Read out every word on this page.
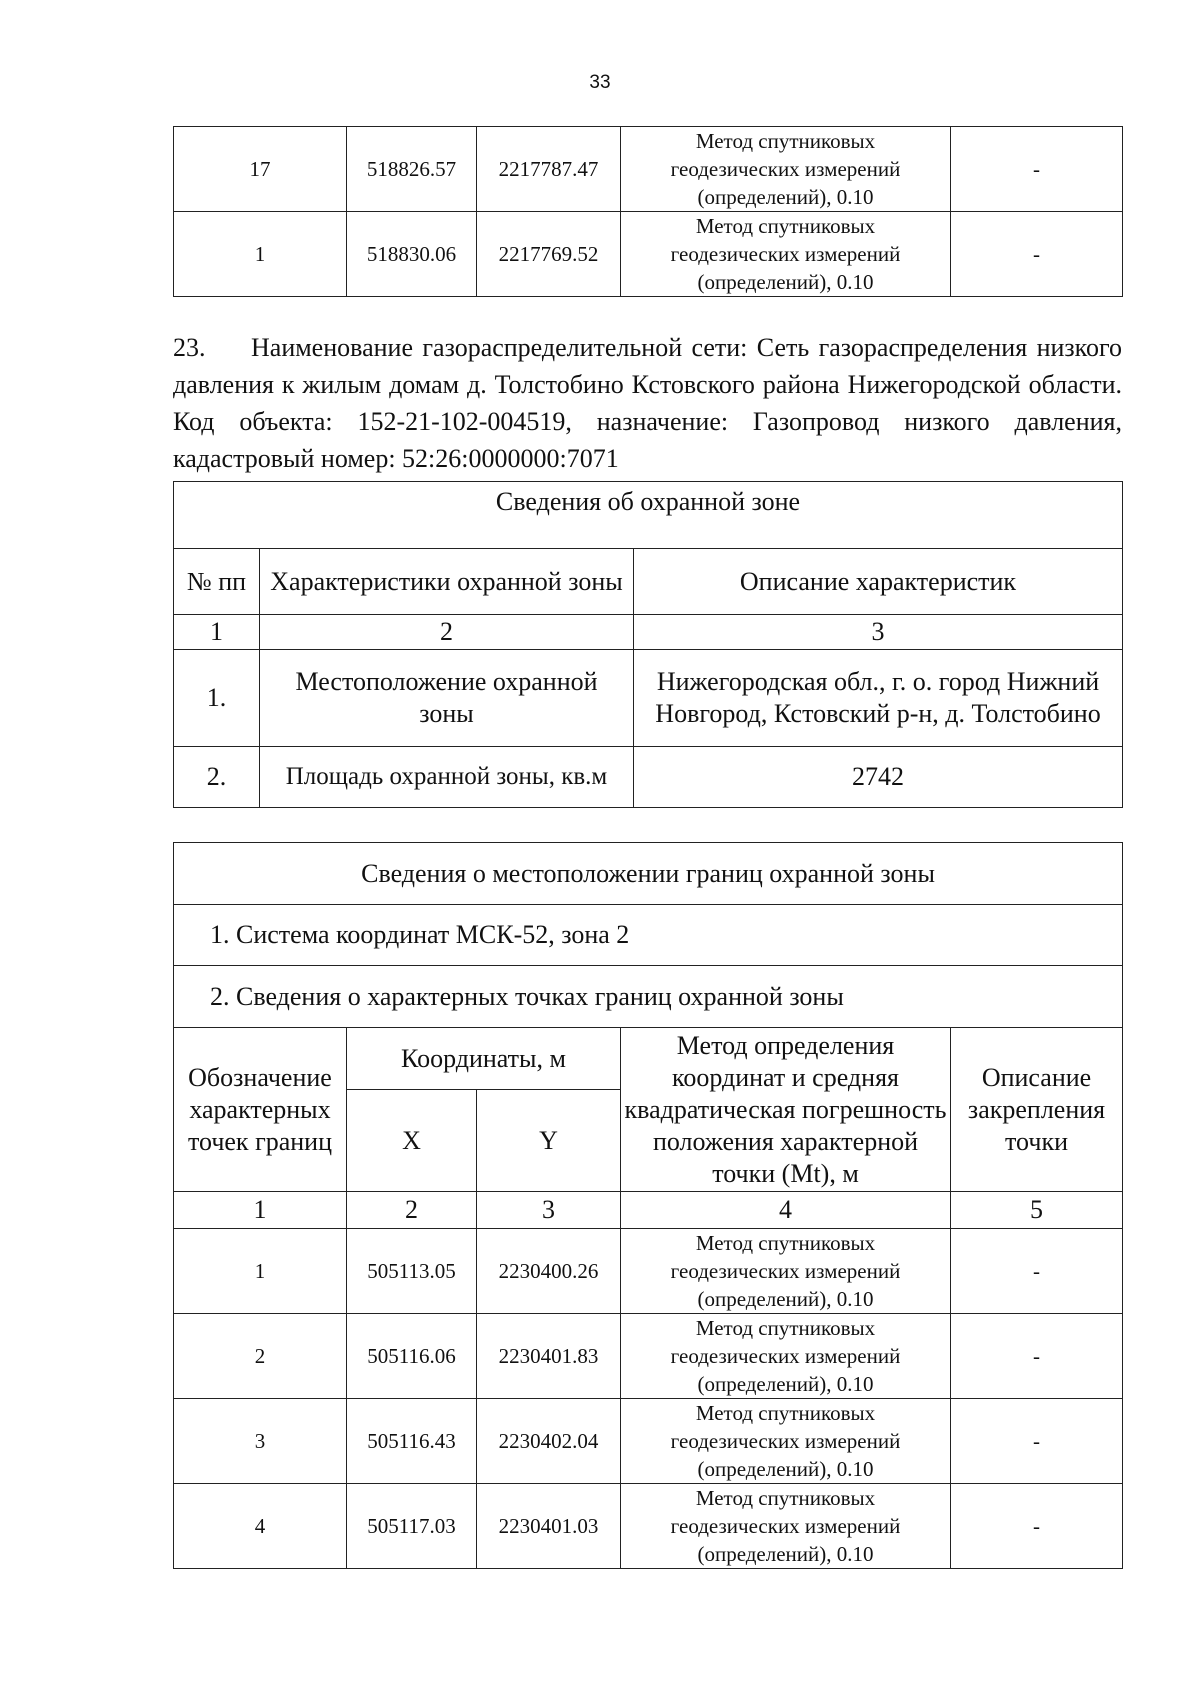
33
17	518826.57	2217787.47	Метод спутниковых
геодезических измерений
(определений), 0.10	-
1	518830.06	2217769.52	Метод спутниковых
геодезических измерений
(определений), 0.10	-
23. Наименование газораспределительной сети: Сеть газораспределения низкого давления к жилым домам д. Толстобино Кстовского района Нижегородской области. Код объекта: 152-21-102-004519, назначение: Газопровод низкого давления, кадастровый номер: 52:26:0000000:7071
Сведения об охранной зоне		
№ пп	Характеристики охранной зоны	Описание характеристик
1	2	3
1.	Местоположение охранной зоны	Нижегородская обл., г. о. город Нижний Новгород, Кстовский р-н, д. Толстобино
2.	Площадь охранной зоны, кв.м	2742
Сведения о местоположении границ охранной зоны				
1. Система координат МСК-52, зона 2				
2. Сведения о характерных точках границ охранной зоны				
Обозначение характерных точек границ	Координаты, м		Метод определения координат и средняя квадратическая погрешность положения характерной точки (Mt), м	Описание закрепления точки
	X	Y		
1	2	3	4	5
1	505113.05	2230400.26	Метод спутниковых
геодезических измерений
(определений), 0.10	-
2	505116.06	2230401.83	Метод спутниковых
геодезических измерений
(определений), 0.10	-
3	505116.43	2230402.04	Метод спутниковых
геодезических измерений
(определений), 0.10	-
4	505117.03	2230401.03	Метод спутниковых
геодезических измерений
(определений), 0.10	-
